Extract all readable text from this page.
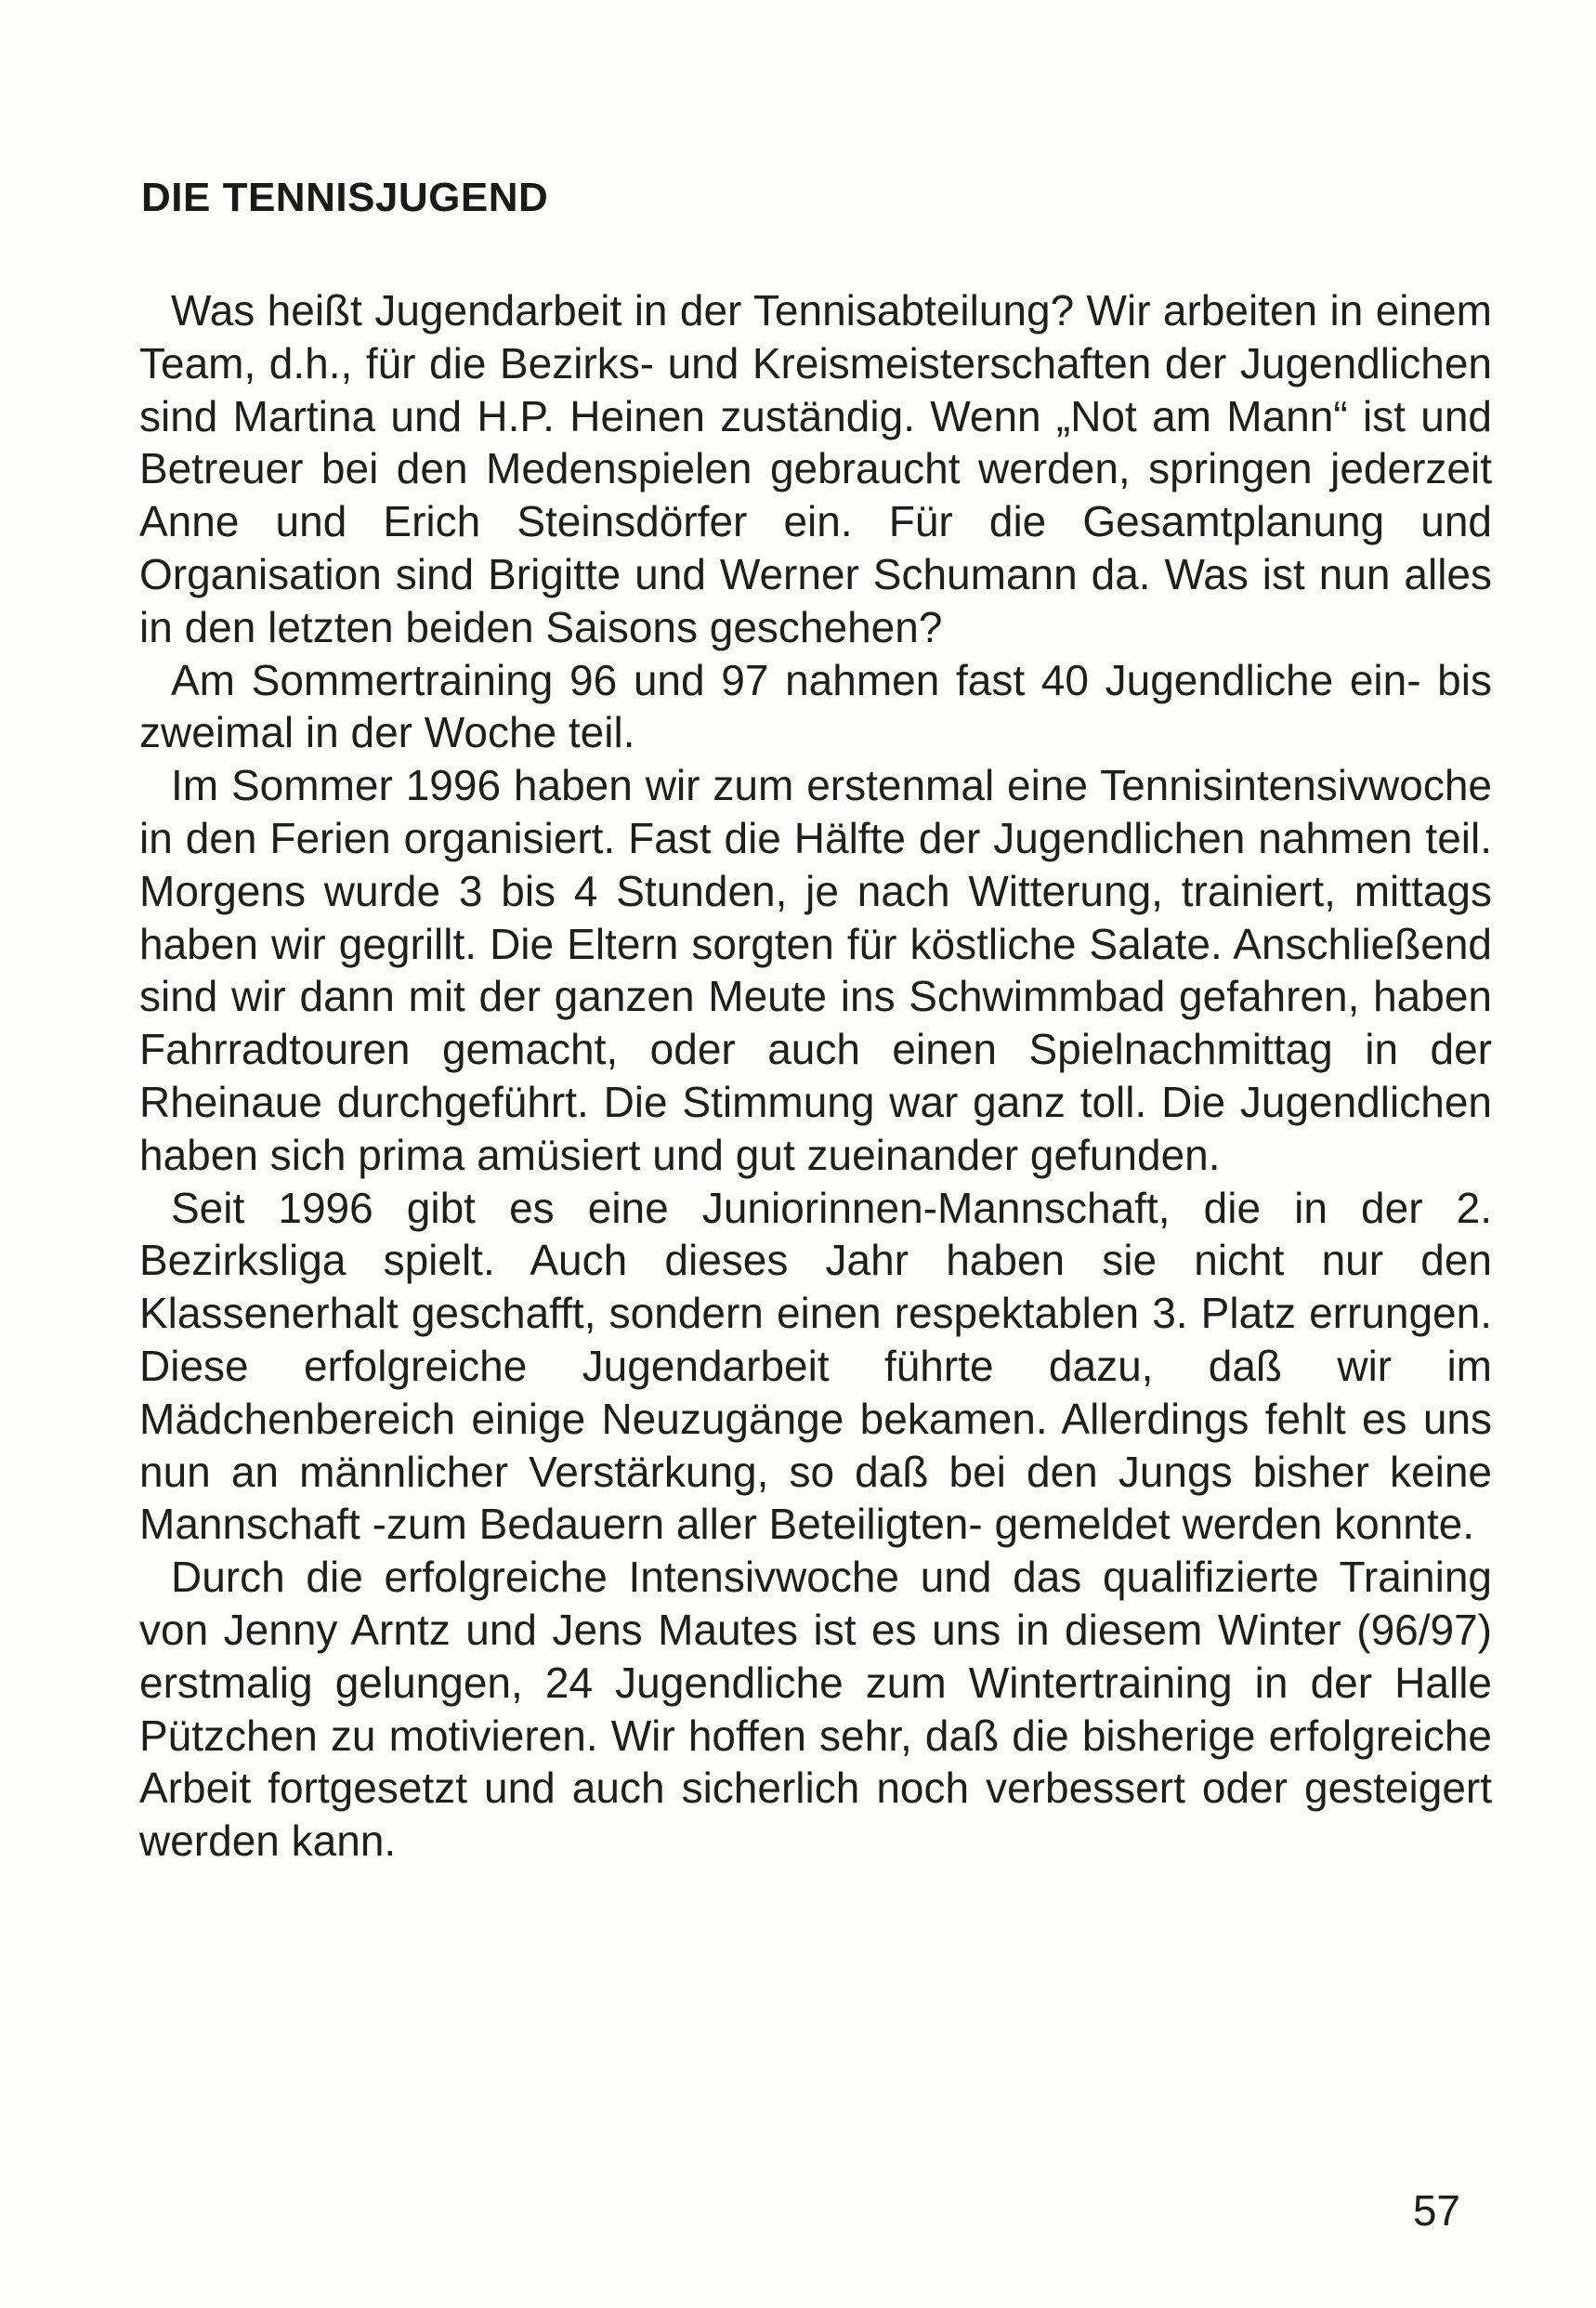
DIE TENNISJUGEND

Was heißt Jugendarbeit in der Tennisabteilung? Wir arbeiten in einem Team, d.h., für die Bezirks- und Kreismeisterschaften der Jugendlichen sind Martina und H.P. Heinen zuständig. Wenn „Not am Mann“ ist und Betreuer bei den Medenspielen gebraucht werden, springen jederzeit Anne und Erich Steinsdörfer ein. Für die Gesamtplanung und Organisation sind Brigitte und Werner Schumann da. Was ist nun alles in den letzten beiden Saisons geschehen?

Am Sommertraining 96 und 97 nahmen fast 40 Jugendliche ein- bis zweimal in der Woche teil.

Im Sommer 1996 haben wir zum erstenmal eine Tennisintensivwoche in den Ferien organisiert. Fast die Hälfte der Jugendlichen nahmen teil. Morgens wurde 3 bis 4 Stunden, je nach Witterung, trainiert, mittags haben wir gegrillt. Die Eltern sorgten für köstliche Salate. Anschließend sind wir dann mit der ganzen Meute ins Schwimmbad gefahren, haben Fahrradtouren gemacht, oder auch einen Spielnachmittag in der Rheinaue durchgeführt. Die Stimmung war ganz toll. Die Jugendlichen haben sich prima amüsiert und gut zueinander gefunden.

Seit 1996 gibt es eine Juniorinnen-Mannschaft, die in der 2. Bezirksliga spielt. Auch dieses Jahr haben sie nicht nur den Klassenerhalt geschafft, sondern einen respektablen 3. Platz errungen. Diese erfolgreiche Jugendarbeit führte dazu, daß wir im Mädchenbereich einige Neuzugänge bekamen. Allerdings fehlt es uns nun an männlicher Verstärkung, so daß bei den Jungs bisher keine Mannschaft -zum Bedauern aller Beteiligten- gemeldet werden konnte.

Durch die erfolgreiche Intensivwoche und das qualifizierte Training von Jenny Arntz und Jens Mautes ist es uns in diesem Winter (96/97) erstmalig gelungen, 24 Jugendliche zum Wintertraining in der Halle Pützchen zu motivieren. Wir hoffen sehr, daß die bisherige erfolgreiche Arbeit fortgesetzt und auch sicherlich noch verbessert oder gesteigert werden kann.

57
